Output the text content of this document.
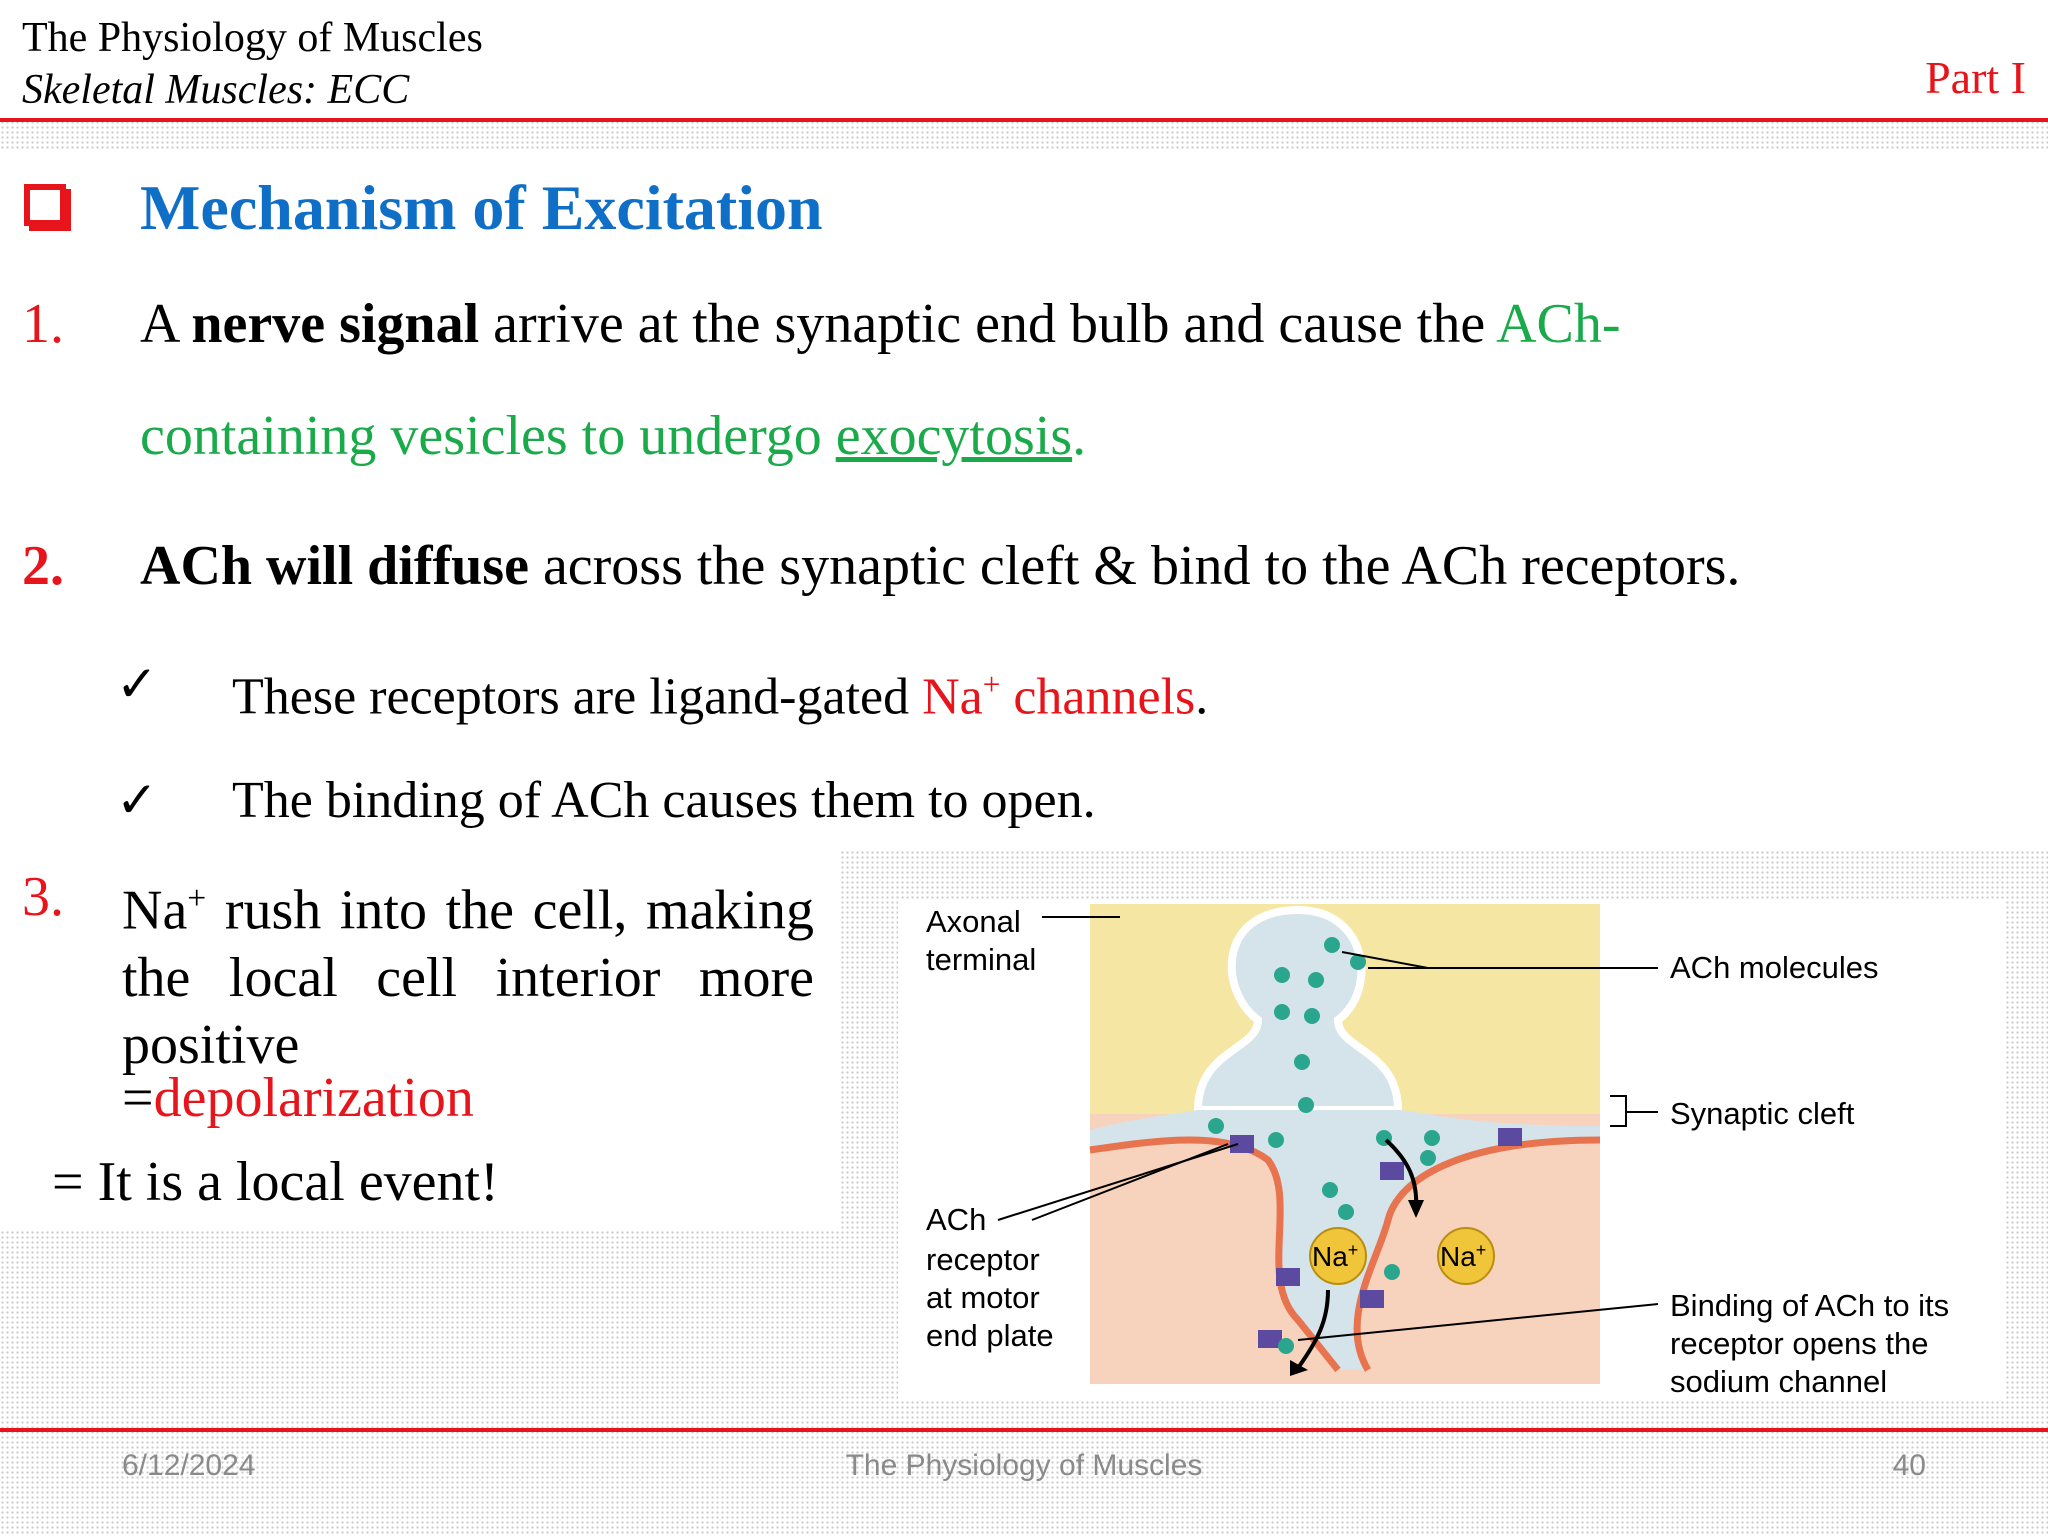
The Physiology of Muscles
Skeletal Muscles: ECC	Part I
Mechanism of Excitation
1. A nerve signal arrive at the synaptic end bulb and cause the ACh-
containing vesicles to undergo exocytosis.
2. ACh will diffuse across the synaptic cleft & bind to the ACh receptors.
✓ These receptors are ligand-gated Na+ channels.
✓ The binding of ACh causes them to open.
3. Na+ rush into the cell, making the local cell interior more positive
=depolarization
= It is a local event!
Na+	Na+
Axonal
terminal	ACh molecules
Synaptic cleft
ACh
receptor
at motor
end plate
Binding of ACh to its
receptor opens the
sodium channel
6/12/2024	The Physiology of Muscles	40
